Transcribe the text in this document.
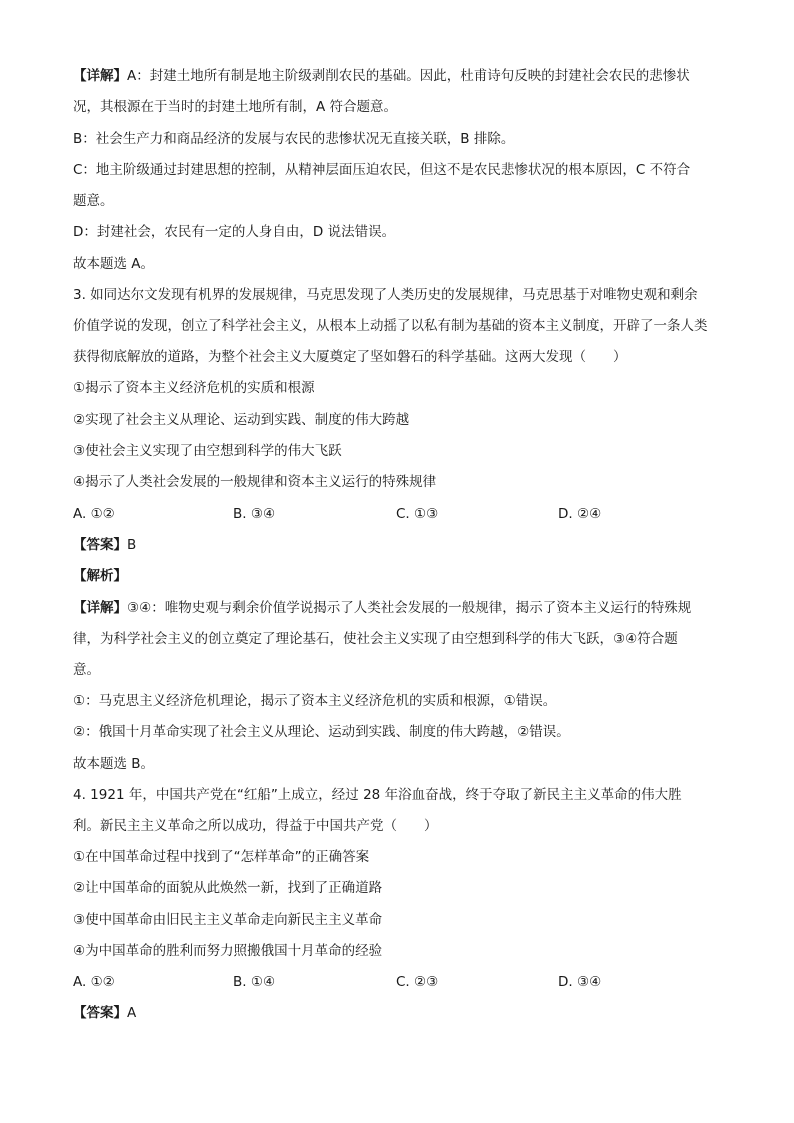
【详解】A：封建土地所有制是地主阶级剥削农民的基础。因此，杜甫诗句反映的封建社会农民的悲惨状
况，其根源在于当时的封建土地所有制，A 符合题意。
B：社会生产力和商品经济的发展与农民的悲惨状况无直接关联，B 排除。
C：地主阶级通过封建思想的控制，从精神层面压迫农民，但这不是农民悲惨状况的根本原因，C 不符合
题意。
D：封建社会，农民有一定的人身自由，D 说法错误。
故本题选 A。
3. 如同达尔文发现有机界的发展规律，马克思发现了人类历史的发展规律，马克思基于对唯物史观和剩余
价值学说的发现，创立了科学社会主义，从根本上动摇了以私有制为基础的资本主义制度，开辟了一条人类
获得彻底解放的道路，为整个社会主义大厦奠定了坚如磐石的科学基础。这两大发现（　　）
①揭示了资本主义经济危机的实质和根源
②实现了社会主义从理论、运动到实践、制度的伟大跨越
③使社会主义实现了由空想到科学的伟大飞跃
④揭示了人类社会发展的一般规律和资本主义运行的特殊规律
A. ①②	B. ③④	C. ①③	D. ②④
【答案】B
【解析】
【详解】③④：唯物史观与剩余价值学说揭示了人类社会发展的一般规律，揭示了资本主义运行的特殊规
律，为科学社会主义的创立奠定了理论基石，使社会主义实现了由空想到科学的伟大飞跃，③④符合题
意。
①：马克思主义经济危机理论，揭示了资本主义经济危机的实质和根源，①错误。
②：俄国十月革命实现了社会主义从理论、运动到实践、制度的伟大跨越，②错误。
故本题选 B。
4. 1921 年，中国共产党在“红船”上成立，经过 28 年浴血奋战，终于夺取了新民主主义革命的伟大胜
利。新民主主义革命之所以成功，得益于中国共产党（　　）
①在中国革命过程中找到了“怎样革命”的正确答案
②让中国革命的面貌从此焕然一新，找到了正确道路
③使中国革命由旧民主主义革命走向新民主主义革命
④为中国革命的胜利而努力照搬俄国十月革命的经验
A. ①②	B. ①④	C. ②③	D. ③④
【答案】A
